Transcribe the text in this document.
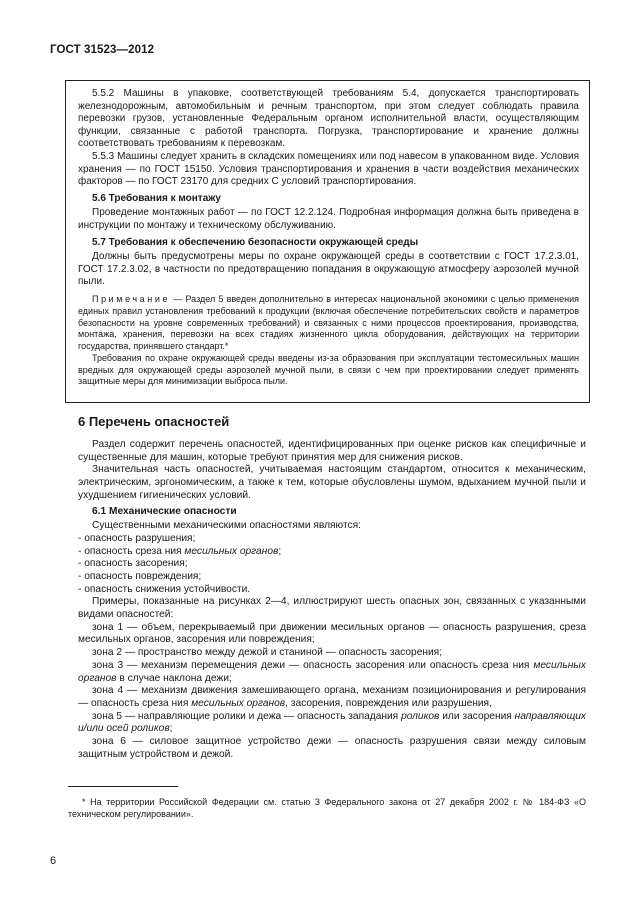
ГОСТ 31523—2012

5.5.2 Машины в упаковке, соответствующей требованиям 5.4, допускается транспортировать железнодорожным, автомобильным и речным транспортом, при этом следует соблюдать правила перевозки грузов, установленные Федеральным органом исполнительной власти, осуществляющим функции, связанные с работой транспорта. Погрузка, транспортирование и хранение должны соответствовать требованиям к перевозкам.

5.5.3 Машины следует хранить в складских помещениях или под навесом в упакованном виде. Условия хранения — по ГОСТ 15150. Условия транспортирования и хранения в части воздействия механических факторов — по ГОСТ 23170 для средних С условий транспортирования.

5.6 Требования к монтажу

Проведение монтажных работ — по ГОСТ 12.2.124. Подробная информация должна быть приведена в инструкции по монтажу и техническому обслуживанию.

5.7 Требования к обеспечению безопасности окружающей среды

Должны быть предусмотрены меры по охране окружающей среды в соответствии с ГОСТ 17.2.3.01, ГОСТ 17.2.3.02, в частности по предотвращению попадания в окружающую атмосферу аэрозолей мучной пыли.

Примечание — Раздел 5 введен дополнительно в интересах национальной экономики с целью применения единых правил установления требований к продукции (включая обеспечение потребительских свойств и параметров безопасности на уровне современных требований) и связанных с ними процессов проектирования, производства, монтажа, хранения, перевозки на всех стадиях жизненного цикла оборудования, действующих на территории государства, принявшего стандарт.*

Требования по охране окружающей среды введены из-за образования при эксплуатации тестомесильных машин вредных для окружающей среды аэрозолей мучной пыли, в связи с чем при проектировании следует применять защитные меры для минимизации выброса пыли.

6 Перечень опасностей

Раздел содержит перечень опасностей, идентифицированных при оценке рисков как специфичные и существенные для машин, которые требуют принятия мер для снижения рисков.

Значительная часть опасностей, учитываемая настоящим стандартом, относится к механическим, электрическим, эргономическим, а также к тем, которые обусловлены шумом, вдыханием мучной пыли и ухудшением гигиенических условий.

6.1 Механические опасности

Существенными механическими опасностями являются:

- опасность разрушения;

- опасность среза ния месильных органов;

- опасность засорения;

- опасность повреждения;

- опасность снижения устойчивости.

Примеры, показанные на рисунках 2—4, иллюстрируют шесть опасных зон, связанных с указанными видами опасностей:

зона 1 — объем, перекрываемый при движении месильных органов — опасность разрушения, среза месильных органов, засорения или повреждения;

зона 2 — пространство между дежой и станиной — опасность засорения;

зона 3 — механизм перемещения дежи — опасность засорения или опасность среза ния месильных органов в случае наклона дежи;

зона 4 — механизм движения замешивающего органа, механизм позиционирования и регулирования — опасность среза ния месильных органов, засорения, повреждения или разрушения,

зона 5 — направляющие ролики и дежа — опасность западания роликов или засорения направляющих и/или осей роликов;

зона 6 — силовое защитное устройство дежи — опасность разрушения связи между силовым защитным устройством и дежой.

* На территории Российской Федерации см. статью 3 Федерального закона от 27 декабря 2002 г. № 184-ФЗ «О техническом регулировании».
6
